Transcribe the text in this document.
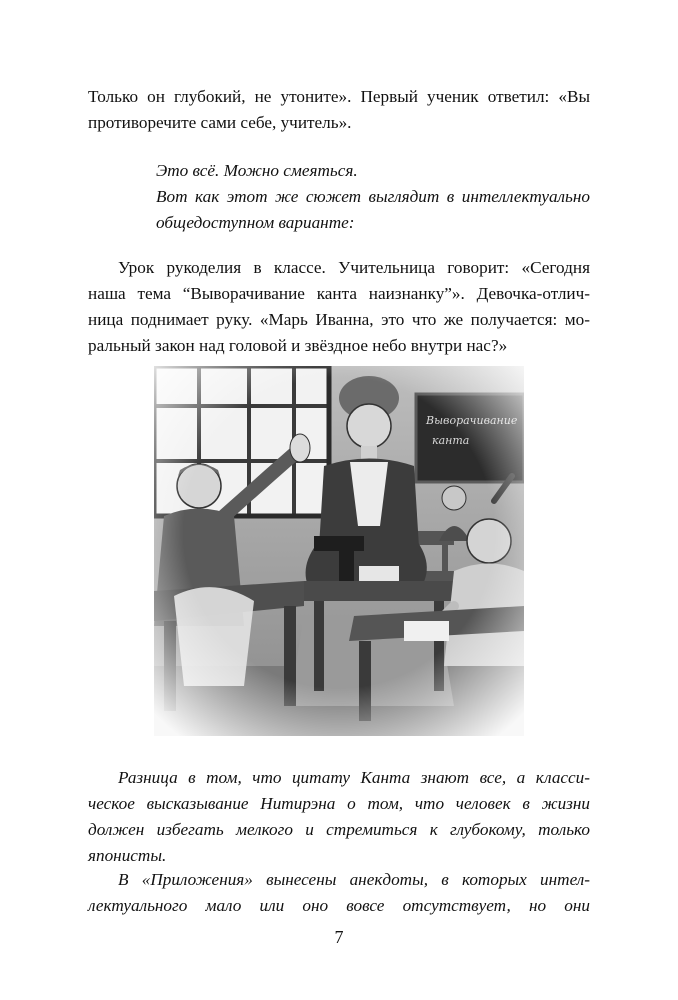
Только он глубокий, не утоните». Первый ученик ответил: «Вы
противоречите сами себе, учитель».
Это всё. Можно смеяться.
Вот как этот же сюжет выглядит в интеллектуально
общедоступном варианте:
Урок рукоделия в классе. Учительница говорит: «Сегодня
наша тема “Выворачивание канта наизнанку”». Девочка-отлич-
ница поднимает руку. «Марь Иванна, это что же получается: мо-
ральный закон над головой и звёздное небо внутри нас?»
Разница в том, что цитату Канта знают все, а класси-
ческое высказывание Нитирэна о том, что человек в жизни
должен избегать мелкого и стремиться к глубокому, только
японисты.
В «Приложения» вынесены анекдоты, в которых интел-
лектуального мало или оно вовсе отсутствует, но они
7
